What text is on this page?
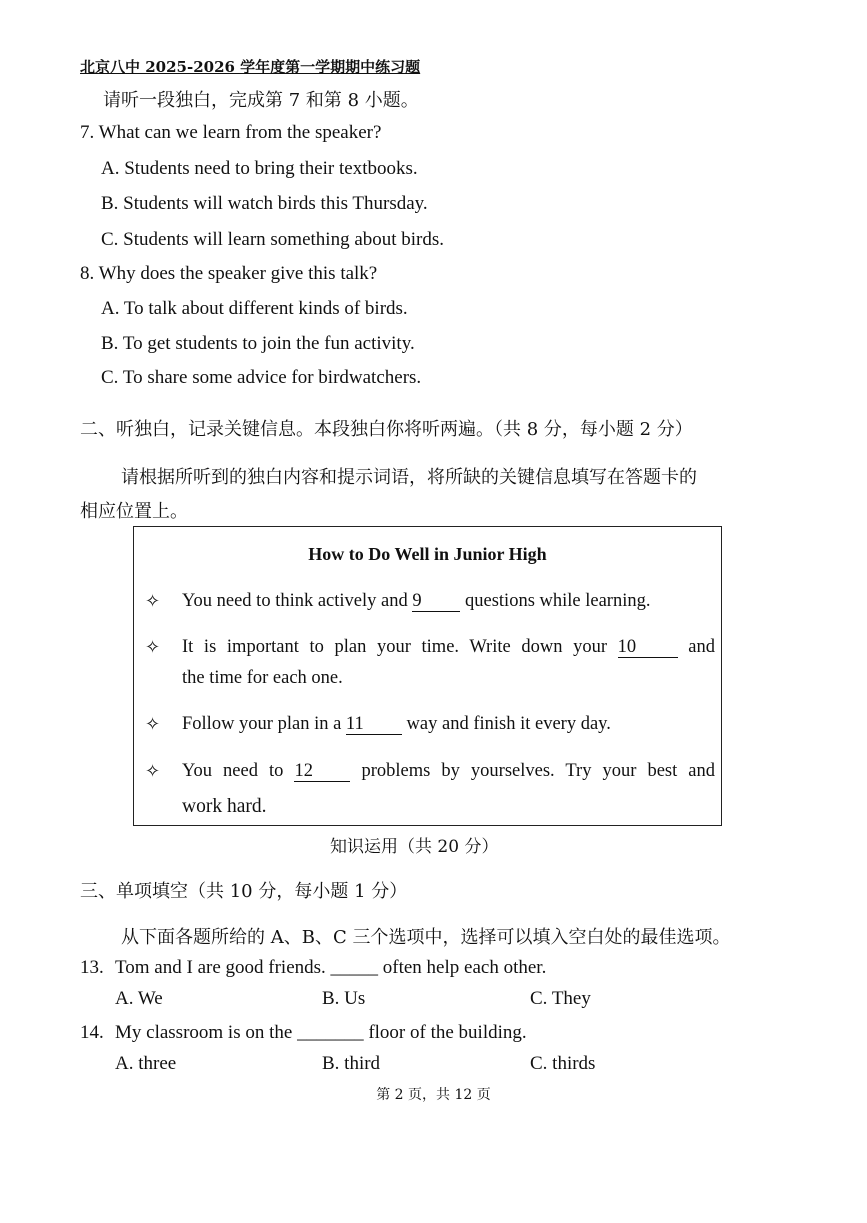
北京八中 2025-2026 学年度第一学期期中练习题
请听一段独白，完成第 7 和第 8 小题。
7. What can we learn from the speaker?
A. Students need to bring their textbooks.
B. Students will watch birds this Thursday.
C. Students will learn something about birds.
8. Why does the speaker give this talk?
A. To talk about different kinds of birds.
B. To get students to join the fun activity.
C. To share some advice for birdwatchers.
二、听独白，记录关键信息。本段独白你将听两遍。（共 8 分，每小题 2 分）
请根据所听到的独白内容和提示词语，将所缺的关键信息填写在答题卡的
相应位置上。
How to Do Well in Junior High
✧ You need to think actively and 9 questions while learning.
✧ It is important to plan your time. Write down your 10	and
the time for each one.
✧ Follow your plan in a 11 way and finish it every day.
✧ You need to 12	problems by yourselves. Try your best and
work hard.
知识运用（共 20 分）
三、单项填空（共 10 分，每小题 1 分）
从下面各题所给的 A、B、C 三个选项中，选择可以填入空白处的最佳选项。
13. Tom and I are good friends. _____ often help each other.
A. We	B. Us	C. They
14. My classroom is on the _______ floor of the building.
A. three	B. third	C. thirds
第 2 页，共 12 页
